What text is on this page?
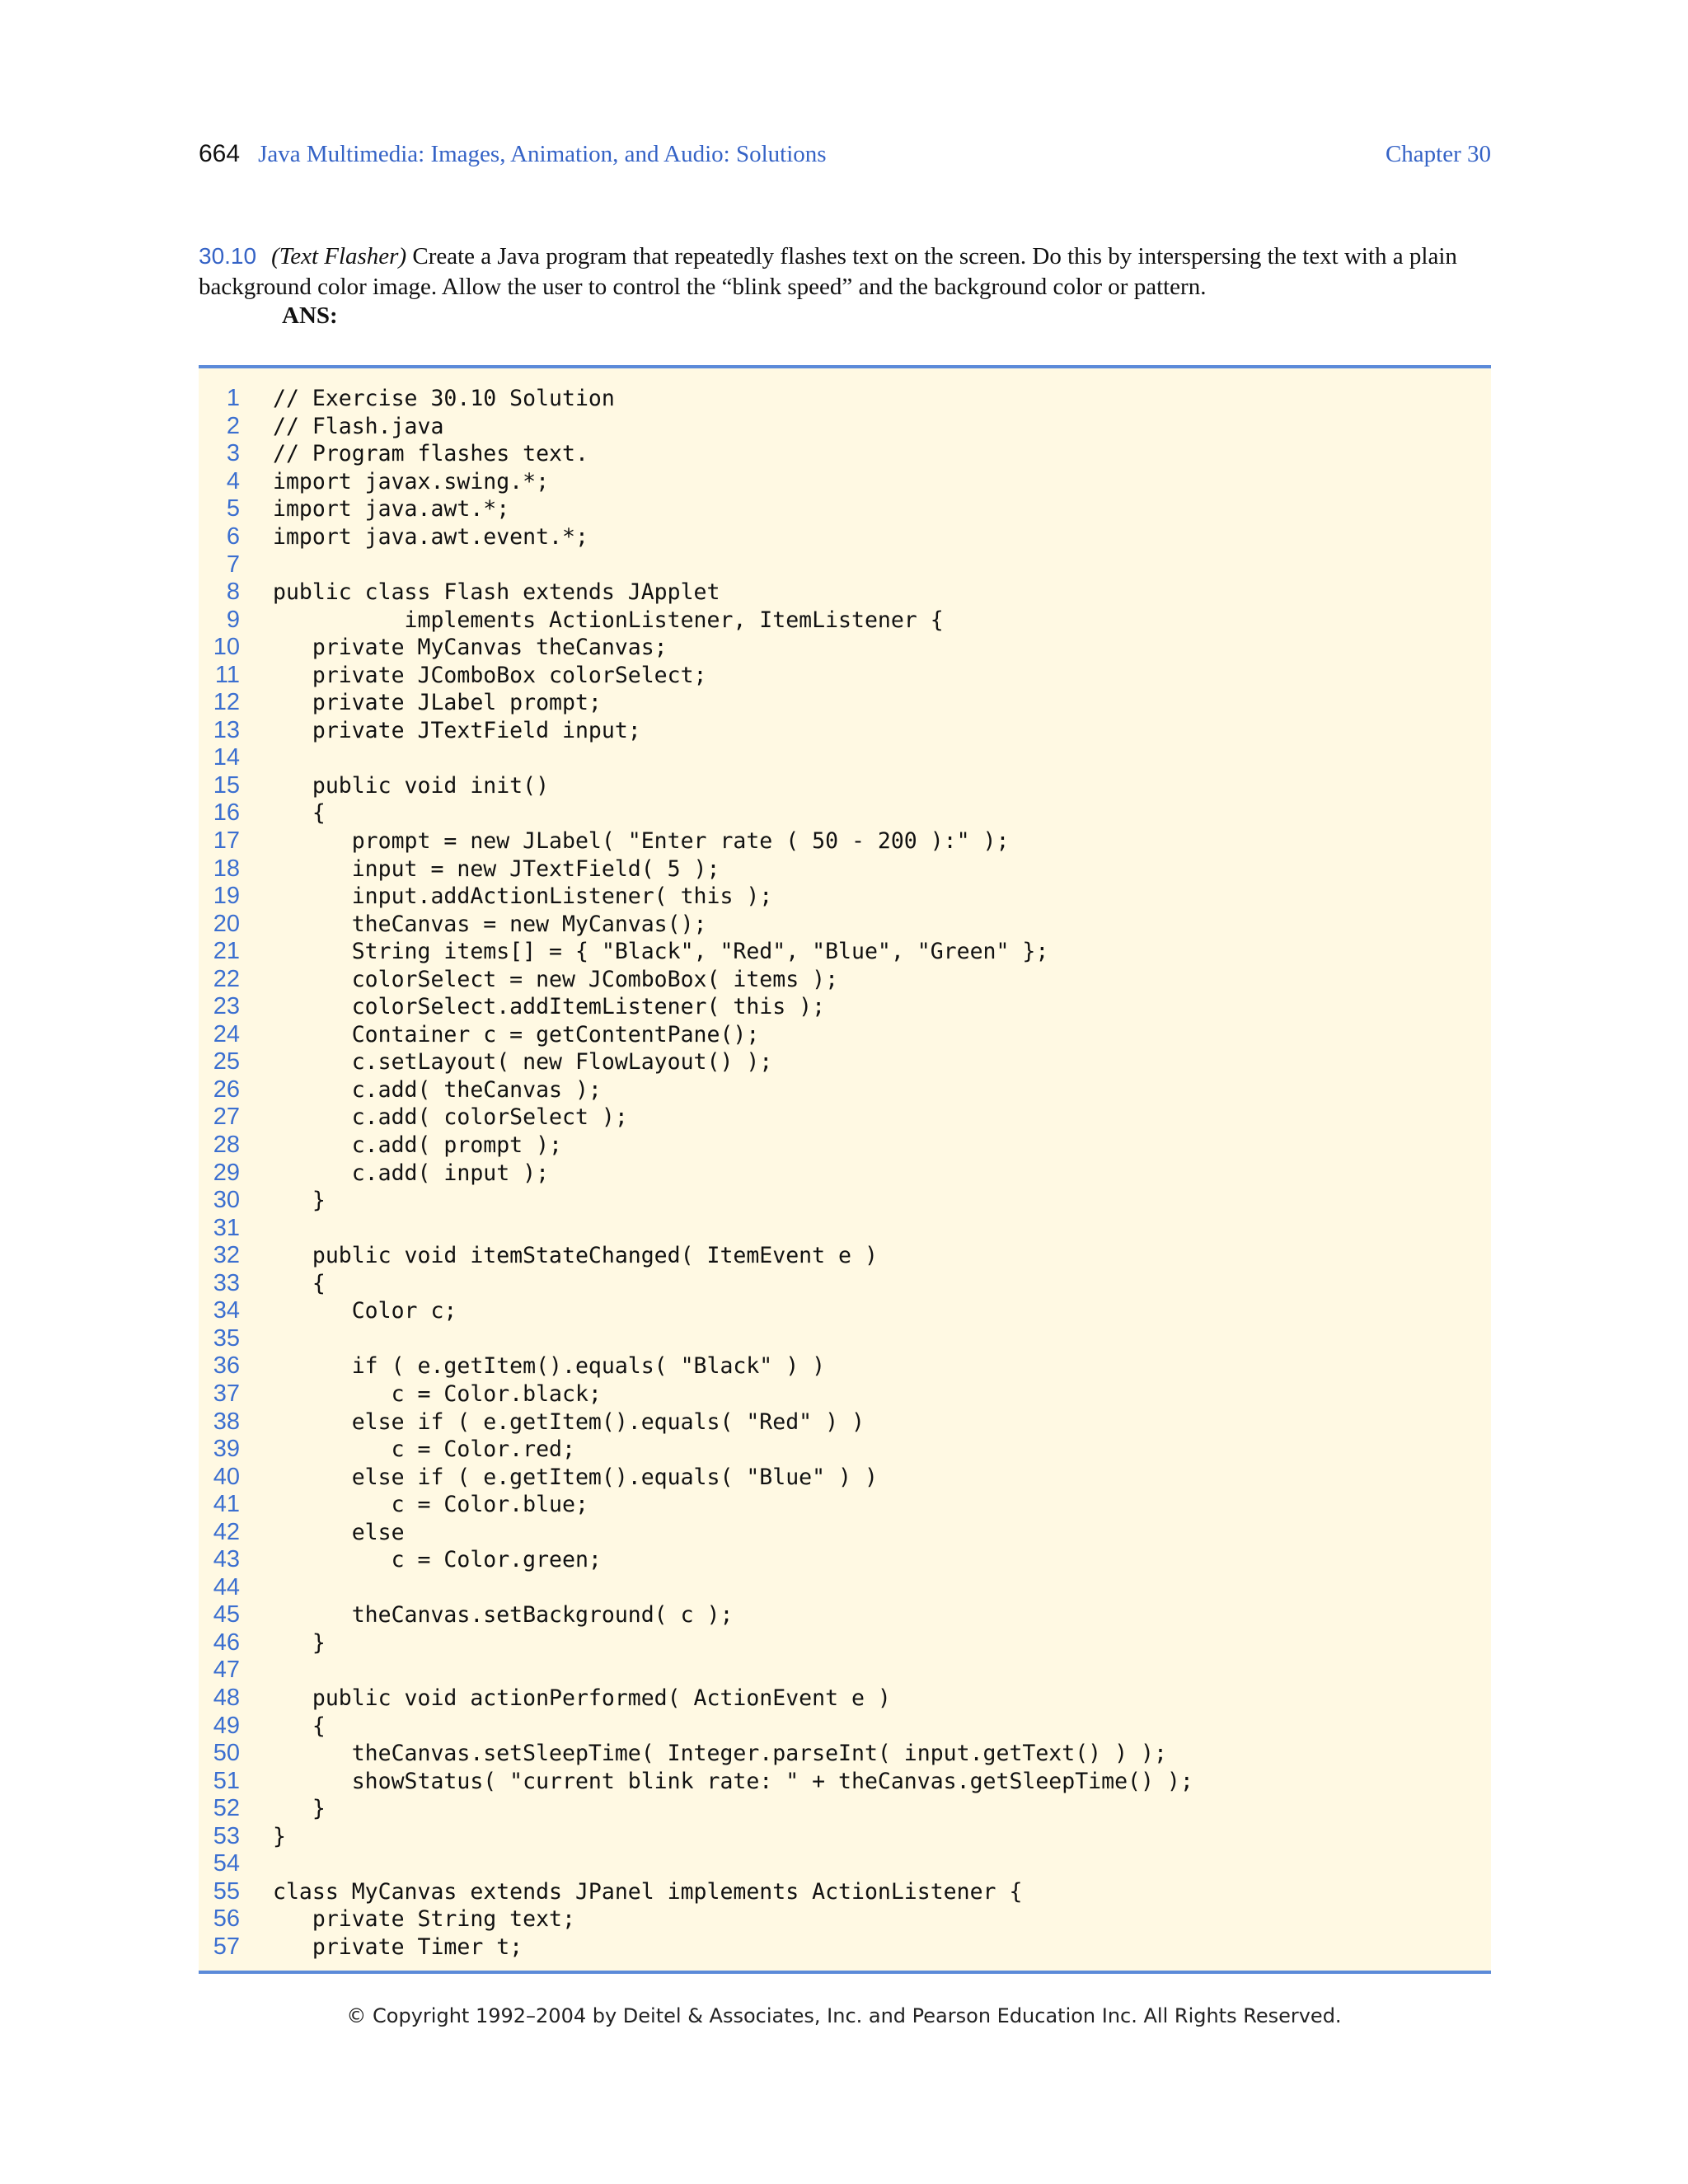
664 Java Multimedia: Images, Animation, and Audio: Solutions	Chapter 30
30.10 (Text Flasher) Create a Java program that repeatedly flashes text on the screen. Do this by interspersing the text with a plain background color image. Allow the user to control the “blink speed” and the background color or pattern.
ANS:
1 // Exercise 30.10 Solution
2 // Flash.java
3 // Program flashes text.
4 import javax.swing.*;
5 import java.awt.*;
6 import java.awt.event.*;
7
8 public class Flash extends JApplet
9 implements ActionListener, ItemListener {
10 private MyCanvas theCanvas;
11 private JComboBox colorSelect;
12 private JLabel prompt;
13 private JTextField input;
14
15 public void init()
16 {
17 prompt = new JLabel( "Enter rate ( 50 - 200 ):" );
18 input = new JTextField( 5 );
19 input.addActionListener( this );
20 theCanvas = new MyCanvas();
21 String items[] = { "Black", "Red", "Blue", "Green" };
22 colorSelect = new JComboBox( items );
23 colorSelect.addItemListener( this );
24 Container c = getContentPane();
25 c.setLayout( new FlowLayout() );
26 c.add( theCanvas );
27 c.add( colorSelect );
28 c.add( prompt );
29 c.add( input );
30 }
31
32 public void itemStateChanged( ItemEvent e )
33 {
34 Color c;
35
36 if ( e.getItem().equals( "Black" ) )
37 c = Color.black;
38 else if ( e.getItem().equals( "Red" ) )
39 c = Color.red;
40 else if ( e.getItem().equals( "Blue" ) )
41 c = Color.blue;
42 else
43 c = Color.green;
44
45 theCanvas.setBackground( c );
46 }
47
48 public void actionPerformed( ActionEvent e )
49 {
50 theCanvas.setSleepTime( Integer.parseInt( input.getText() ) );
51 showStatus( "current blink rate: " + theCanvas.getSleepTime() );
52 }
53 }
54
55 class MyCanvas extends JPanel implements ActionListener {
56 private String text;
57 private Timer t;
© Copyright 1992–2004 by Deitel & Associates, Inc. and Pearson Education Inc. All Rights Reserved.
